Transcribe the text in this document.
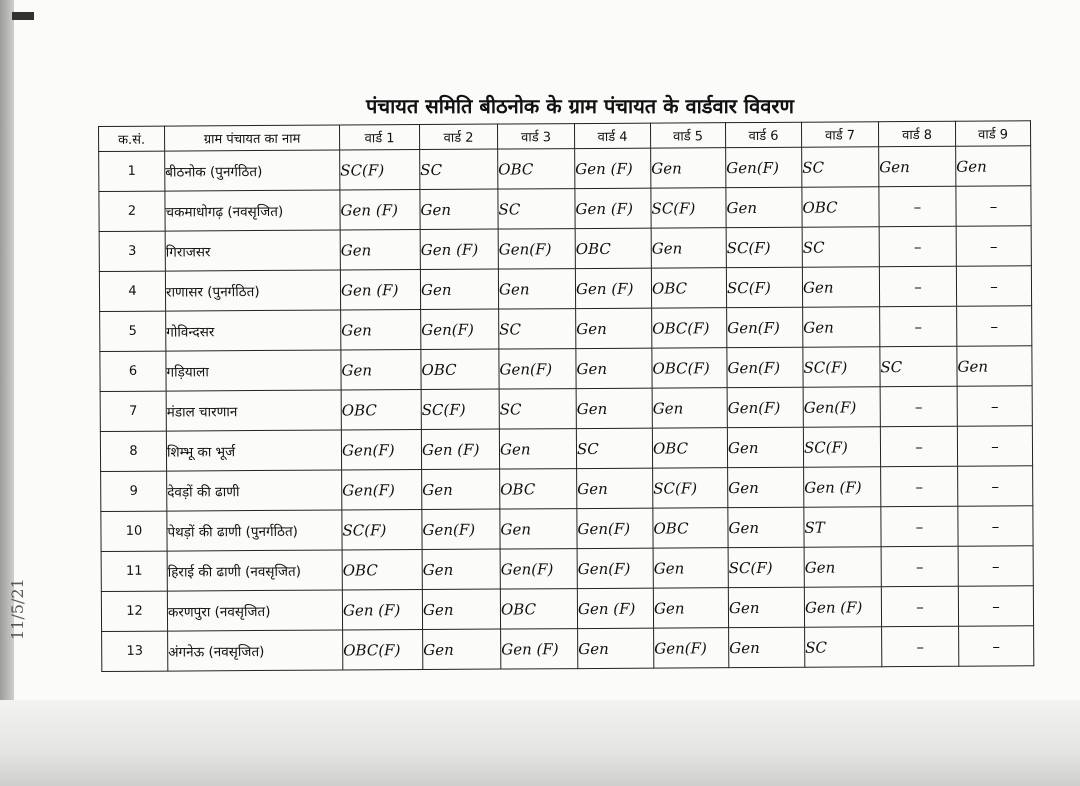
11/5/21
पंचायत समिति बीठनोक के ग्राम पंचायत के वार्डवार विवरण
क.सं.	ग्राम पंचायत का नाम	वार्ड 1	वार्ड 2	वार्ड 3	वार्ड 4	वार्ड 5	वार्ड 6	वार्ड 7	वार्ड 8	वार्ड 9
1	बीठनोक (पुनर्गठित)	SC(F)	SC	OBC	Gen (F)	Gen	Gen(F)	SC	Gen	Gen
2	चकमाधोगढ़ (नवसृजित)	Gen (F)	Gen	SC	Gen (F)	SC(F)	Gen	OBC	–	–
3	गिराजसर	Gen	Gen (F)	Gen(F)	OBC	Gen	SC(F)	SC	–	–
4	राणासर (पुनर्गठित)	Gen (F)	Gen	Gen	Gen (F)	OBC	SC(F)	Gen	–	–
5	गोविन्दसर	Gen	Gen(F)	SC	Gen	OBC(F)	Gen(F)	Gen	–	–
6	गड़ियाला	Gen	OBC	Gen(F)	Gen	OBC(F)	Gen(F)	SC(F)	SC	Gen
7	मंडाल चारणान	OBC	SC(F)	SC	Gen	Gen	Gen(F)	Gen(F)	–	–
8	शिम्भू का भूर्ज	Gen(F)	Gen (F)	Gen	SC	OBC	Gen	SC(F)	–	–
9	देवड़ों की ढाणी	Gen(F)	Gen	OBC	Gen	SC(F)	Gen	Gen (F)	–	–
10	पेथड़ों की ढाणी (पुनर्गठित)	SC(F)	Gen(F)	Gen	Gen(F)	OBC	Gen	ST	–	–
11	हिराई की ढाणी (नवसृजित)	OBC	Gen	Gen(F)	Gen(F)	Gen	SC(F)	Gen	–	–
12	करणपुरा (नवसृजित)	Gen (F)	Gen	OBC	Gen (F)	Gen	Gen	Gen (F)	–	–
13	अंगनेऊ (नवसृजित)	OBC(F)	Gen	Gen (F)	Gen	Gen(F)	Gen	SC	–	–
